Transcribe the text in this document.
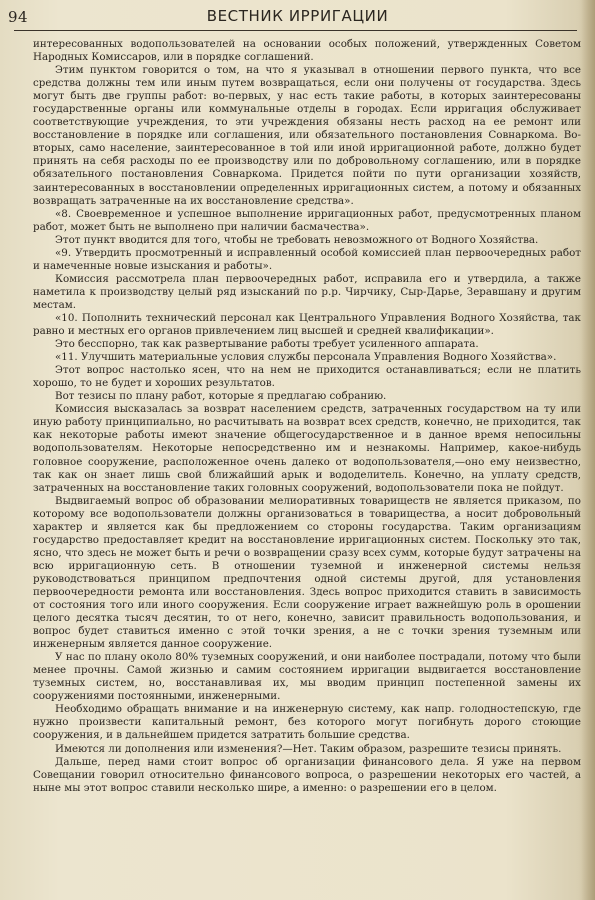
94	ВЕСТНИК ИРРИГАЦИИ

интересованных водопользователей на основании особых положений, утвержденных Советом Народных Комиссаров, или в порядке соглашений.

Этим пунктом говорится о том, на что я указывал в отношении первого пункта, что все средства должны тем или иным путем возвращаться, если они получены от государства. Здесь могут быть две группы работ: во-первых, у нас есть такие работы, в которых заинтересованы государственные органы или коммунальные отделы в городах. Если ирригация обслуживает соответствующие учреждения, то эти учреждения обязаны несть расход на ее ремонт или восстановление в порядке или соглашения, или обязательного постановления Совнаркома. Во-вторых, само население, заинтересованное в той или иной ирригационной работе, должно будет принять на себя расходы по ее производству или по добровольному соглашению, или в порядке обязательного постановления Совнаркома. Придется пойти по пути организации хозяйств, заинтересованных в восстановлении определенных ирригационных систем, а потому и обязанных возвращать затраченные на их восстановление средства».

«8. Своевременное и успешное выполнение ирригационных работ, предусмотренных планом работ, может быть не выполнено при наличии басмачества».

Этот пункт вводится для того, чтобы не требовать невозможного от Водного Хозяйства.

«9. Утвердить просмотренный и исправленный особой комиссией план первоочередных работ и намеченные новые изыскания и работы».

Комиссия рассмотрела план первоочередных работ, исправила его и утвердила, а также наметила к производству целый ряд изысканий по р.р. Чирчику, Сыр-Дарье, Зеравшану и другим местам.

«10. Пополнить технический персонал как Центрального Управления Водного Хозяйства, так равно и местных его органов привлечением лиц высшей и средней квалификации».

Это бесспорно, так как развертывание работы требует усиленного аппарата.

«11. Улучшить материальные условия службы персонала Управления Водного Хозяйства».

Этот вопрос настолько ясен, что на нем не приходится останавливаться; если не платить хорошо, то не будет и хороших результатов.

Вот тезисы по плану работ, которые я предлагаю собранию.

Комиссия высказалась за возврат населением средств, затраченных государством на ту или иную работу принципиально, но расчитывать на возврат всех средств, конечно, не приходится, так как некоторые работы имеют значение общегосударственное и в данное время непосильны водопользователям. Некоторые непосредственно им и незнакомы. Например, какое-нибудь головное сооружение, расположенное очень далеко от водопользователя,—оно ему неизвестно, так как он знает лишь свой ближайший арык и вододелитель. Конечно, на уплату средств, затраченных на восстановление таких головных сооружений, водопользователи пока не пойдут.

Выдвигаемый вопрос об образовании мелиоративных товариществ не является приказом, по которому все водопользователи должны организоваться в товарищества, а носит добровольный характер и является как бы предложением со стороны государства. Таким организациям государство предоставляет кредит на восстановление ирригационных систем. Поскольку это так, ясно, что здесь не может быть и речи о возвращении сразу всех сумм, которые будут затрачены на всю ирригационную сеть. В отношении туземной и инженерной системы нельзя руководствоваться принципом предпочтения одной системы другой, для установления первоочередности ремонта или восстановления. Здесь вопрос приходится ставить в зависимость от состояния того или иного сооружения. Если сооружение играет важнейшую роль в орошении целого десятка тысяч десятин, то от него, конечно, зависит правильность водопользования, и вопрос будет ставиться именно с этой точки зрения, а не с точки зрения туземным или инженерным является данное сооружение.

У нас по плану около 80% туземных сооружений, и они наиболее пострадали, потому что были менее прочны. Самой жизнью и самим состоянием ирригации выдвигается восстановление туземных систем, но, восстанавливая их, мы вводим принцип постепенной замены их сооружениями постоянными, инженерными.

Необходимо обращать внимание и на инженерную систему, как напр. голодностепскую, где нужно произвести капитальный ремонт, без которого могут погибнуть дорого стоющие сооружения, и в дальнейшем придется затратить большие средства.

Имеются ли дополнения или изменения?—Нет. Таким образом, разрешите тезисы принять.

Дальше, перед нами стоит вопрос об организации финансового дела. Я уже на первом Совещании говорил относительно финансового вопроса, о разрешении некоторых его частей, а ныне мы этот вопрос ставили несколько шире, а именно: о разрешении его в целом.
